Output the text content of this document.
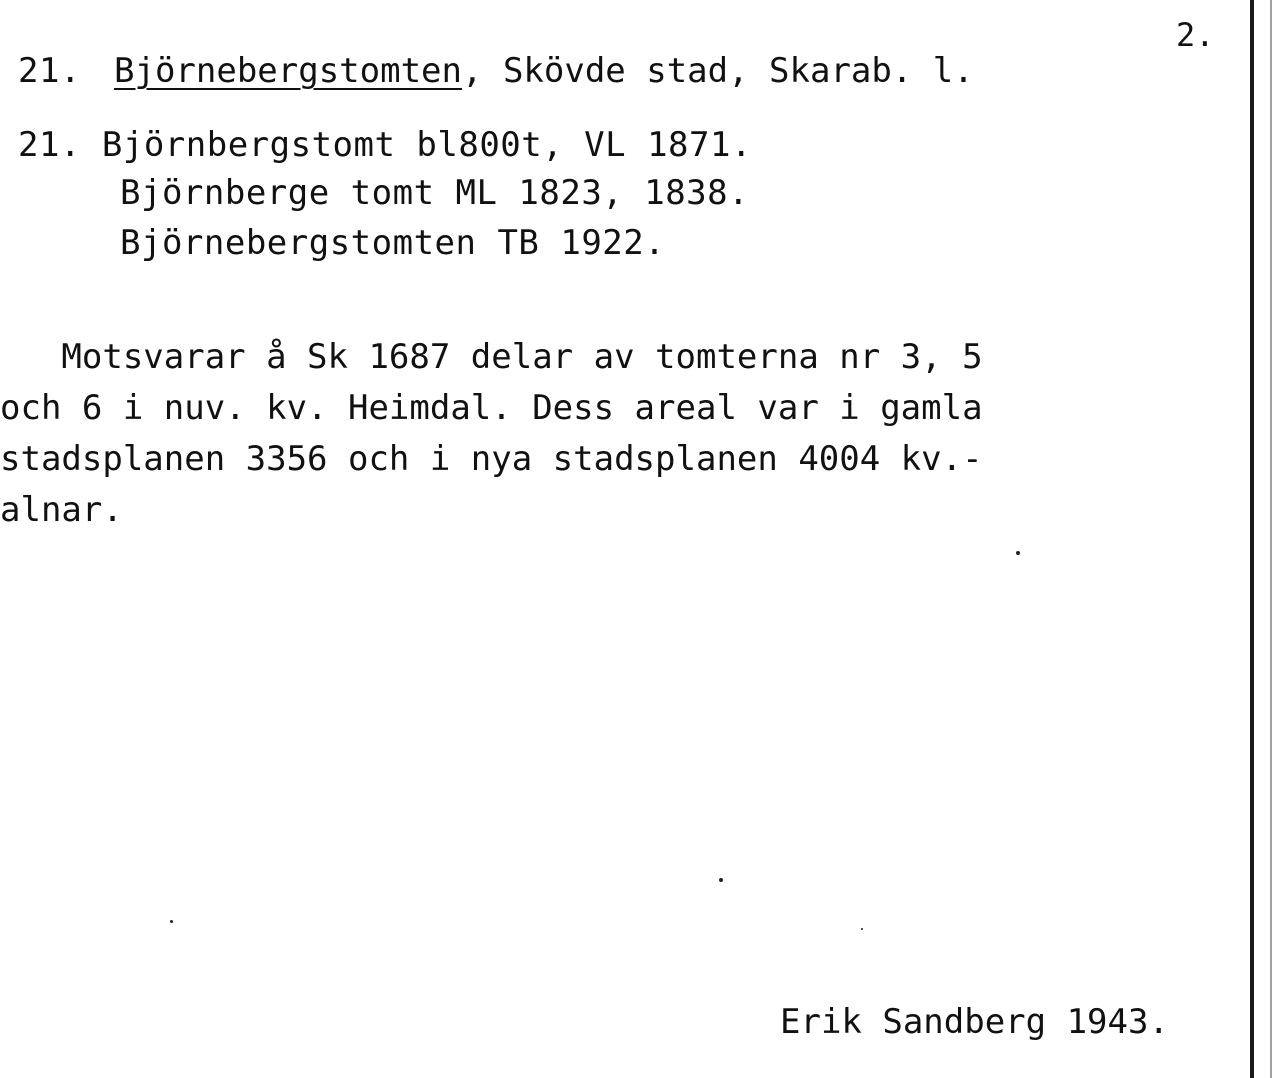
2.
21. Björnebergstomten, Skövde stad, Skarab. l.
21. Björnbergstomt bl800t, VL 1871.
Björnberge tomt ML 1823, 1838.
Björnebergstomten TB 1922.
Motsvarar å Sk 1687 delar av tomterna nr 3, 5
och 6 i nuv. kv. Heimdal. Dess areal var i gamla
stadsplanen 3356 och i nya stadsplanen 4004 kv.-
alnar.
Erik Sandberg 1943.
